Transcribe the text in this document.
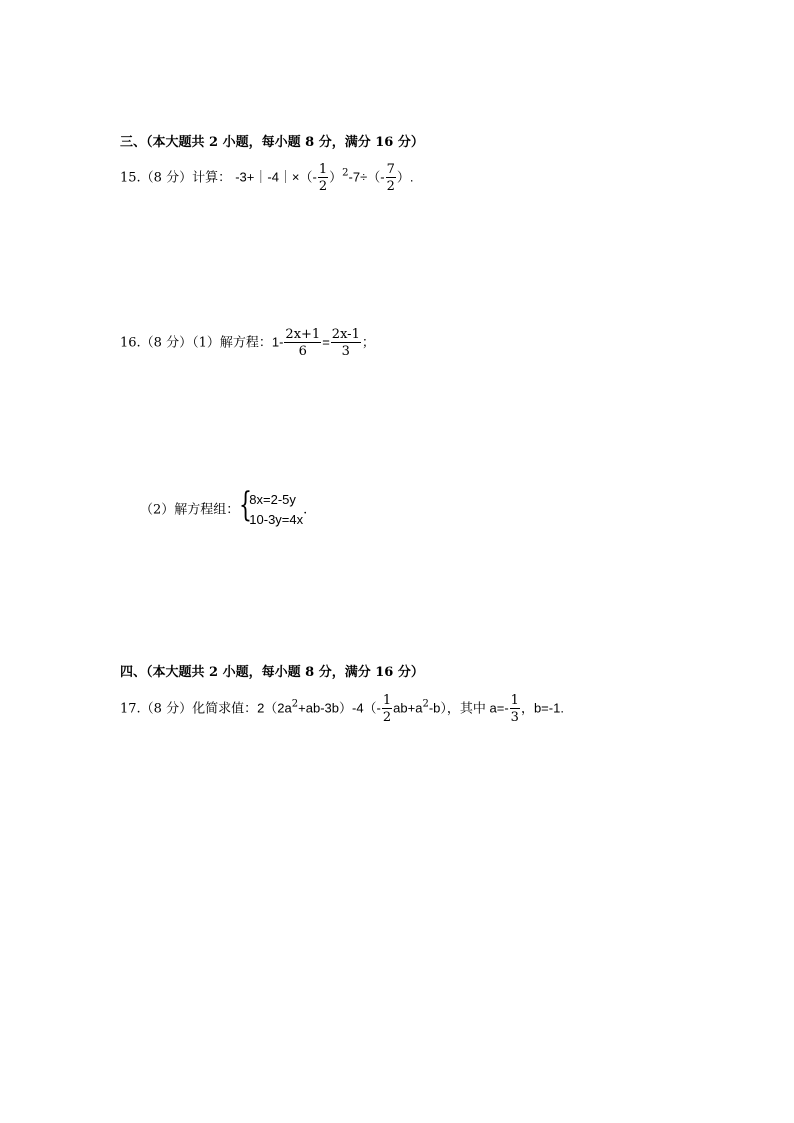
三、（本大题共 2 小题，每小题 8 分，满分 16 分）
15.（8 分）计算： -3+｜-4｜×（- $\frac{1}{2} )^2-7\div(- \frac{7}{2}$ ）.
16.（8 分）（1）解方程：$1- \frac{2x+1}{6} = \frac{2x-1}{3}$ ；
（2）解方程组： {
8x=2-5y
10-3y=4x
.
四、（本大题共 2 小题，每小题 8 分，满分 16 分）
17.（8 分）化简求值：$2(2a^2+ab-3b)-4(- \frac{1}{2} ab+a^2-b)$，其中 $a=- \frac{1}{3}$ ，b=-1.
